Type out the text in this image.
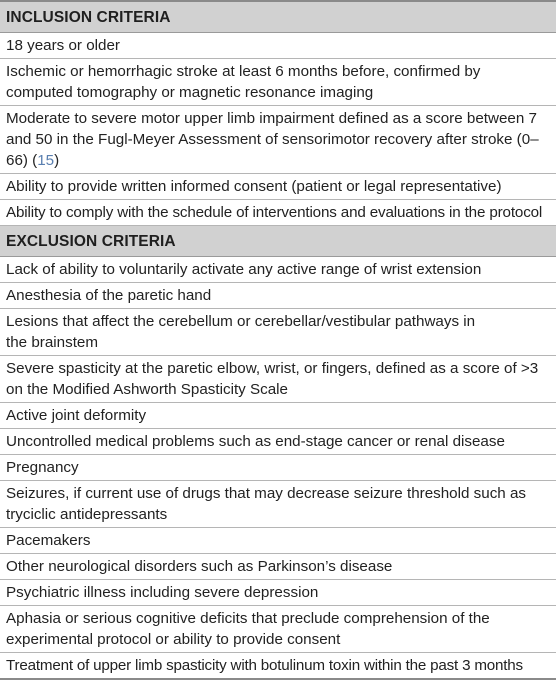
INCLUSION CRITERIA
18 years or older
Ischemic or hemorrhagic stroke at least 6 months before, confirmed by computed tomography or magnetic resonance imaging
Moderate to severe motor upper limb impairment defined as a score between 7 and 50 in the Fugl-Meyer Assessment of sensorimotor recovery after stroke (0–66) (15)
Ability to provide written informed consent (patient or legal representative)
Ability to comply with the schedule of interventions and evaluations in the protocol
EXCLUSION CRITERIA
Lack of ability to voluntarily activate any active range of wrist extension
Anesthesia of the paretic hand
Lesions that affect the cerebellum or cerebellar/vestibular pathways in the brainstem
Severe spasticity at the paretic elbow, wrist, or fingers, defined as a score of >3 on the Modified Ashworth Spasticity Scale
Active joint deformity
Uncontrolled medical problems such as end-stage cancer or renal disease
Pregnancy
Seizures, if current use of drugs that may decrease seizure threshold such as tryciclic antidepressants
Pacemakers
Other neurological disorders such as Parkinson’s disease
Psychiatric illness including severe depression
Aphasia or serious cognitive deficits that preclude comprehension of the experimental protocol or ability to provide consent
Treatment of upper limb spasticity with botulinum toxin within the past 3 months
